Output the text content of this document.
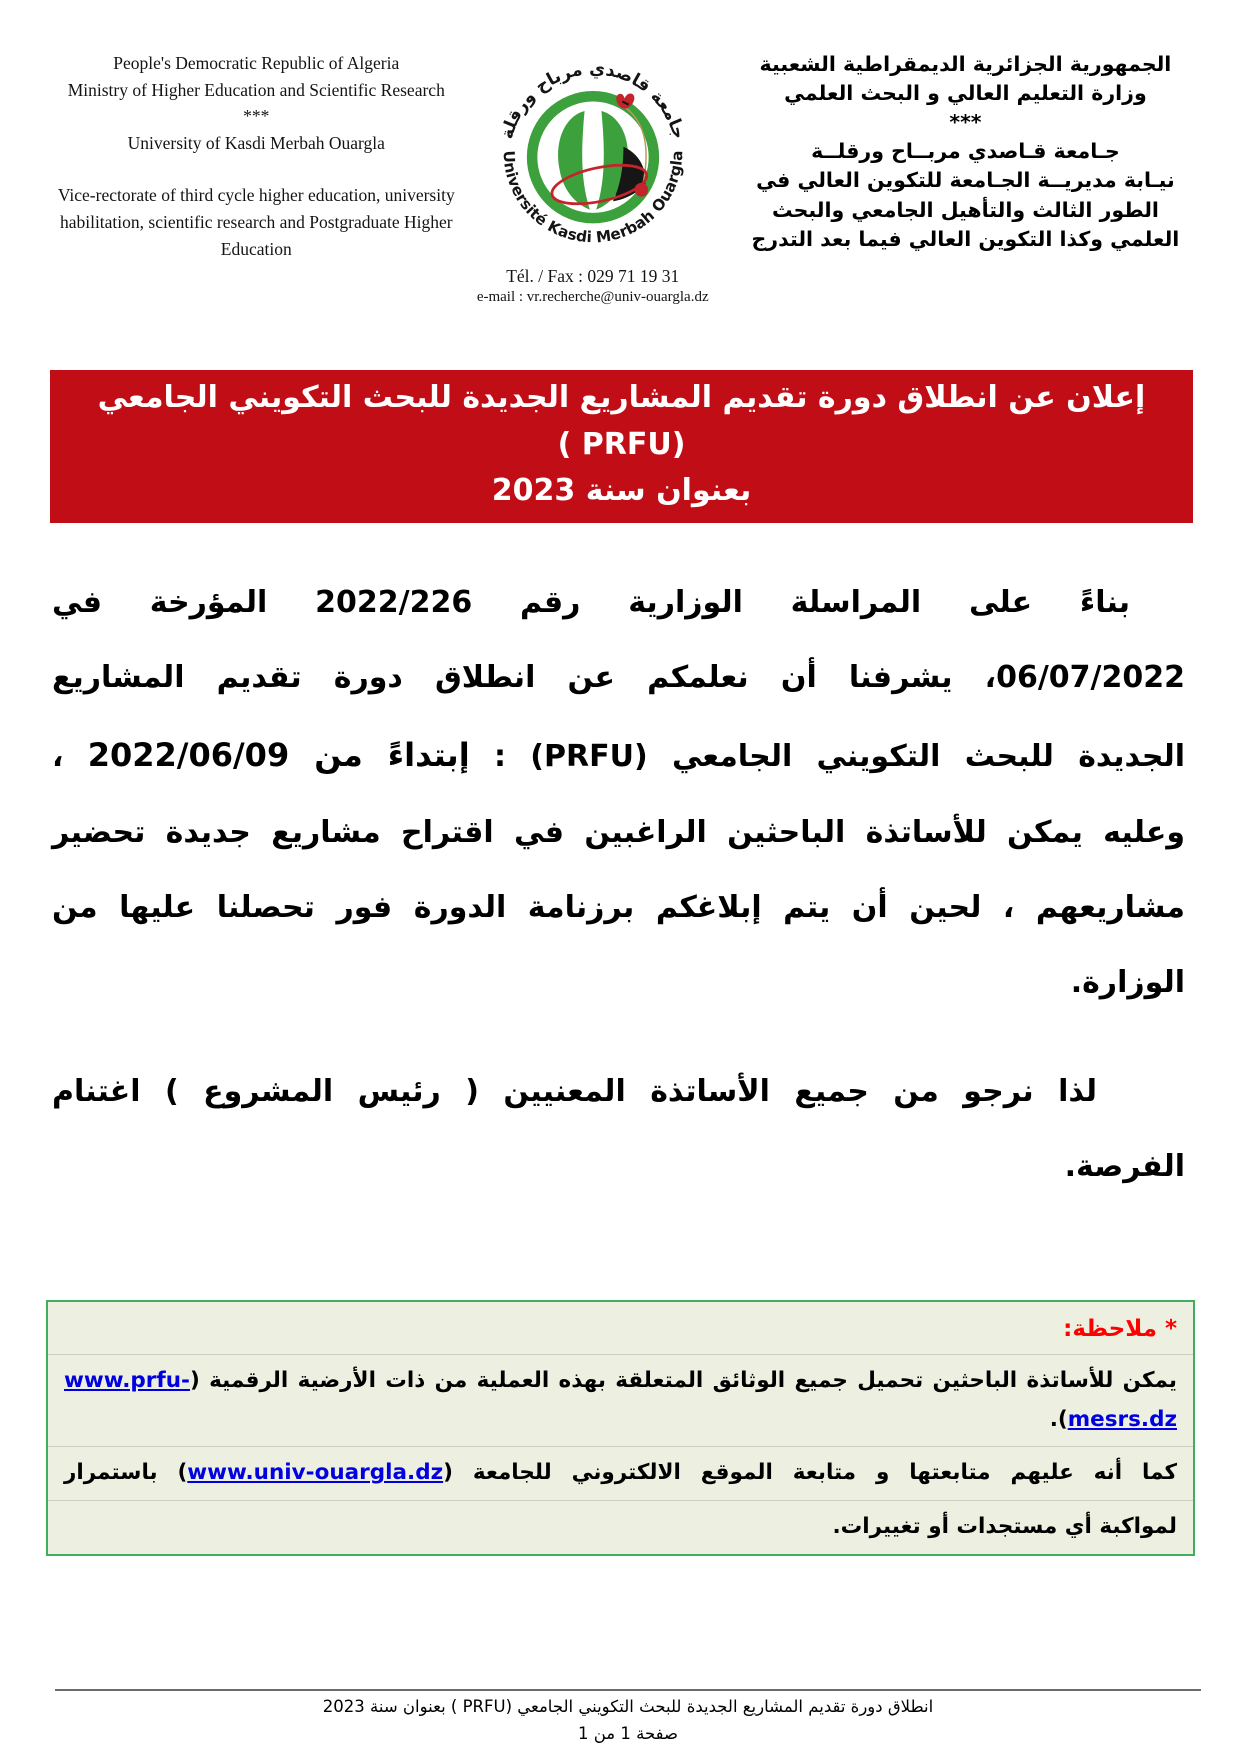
People's Democratic Republic of Algeria
Ministry of Higher Education and Scientific Research
***
University of Kasdi Merbah Ouargla
Vice-rectorate of third cycle higher education, university habilitation, scientific research and Postgraduate Higher Education
جامعة قاصدي مرباح ورقلة
Université Kasdi Merbah Ouargla
Tél. / Fax : 029 71 19 31
e-mail : vr.recherche@univ-ouargla.dz
الجمهورية الجزائرية الديمقراطية الشعبية
وزارة التعليم العالي و البحث العلمي
***
جـامعة قـاصدي مربــاح ورقلــة
نيـابة مديريــة الجـامعة للتكوين العالي في
الطور الثالث والتأهيل الجامعي والبحث
العلمي وكذا التكوين العالي فيما بعد التدرج
إعلان عن انطلاق دورة تقديم المشاريع الجديدة للبحث التكويني الجامعي (PRFU )
بعنوان سنة 2023

بناءً على المراسلة الوزارية رقم 2022/226 المؤرخة في 06/07/2022، يشرفنا أن نعلمكم عن انطلاق دورة تقديم المشاريع الجديدة للبحث التكويني الجامعي (PRFU) : إبتداءً من 2022/06/09 ، وعليه يمكن للأساتذة الباحثين الراغبين في اقتراح مشاريع جديدة تحضير مشاريعهم ، لحين أن يتم إبلاغكم برزنامة الدورة فور تحصلنا عليها من الوزارة.

لذا نرجو من جميع الأساتذة المعنيين ( رئيس المشروع ) اغتنام الفرصة.

* ملاحظة:
يمكن للأساتذة الباحثين تحميل جميع الوثائق المتعلقة بهذه العملية من ذات الأرضية الرقمية (www.prfu-mesrs.dz).
كما أنه عليهم متابعتها و متابعة الموقع الالكتروني للجامعة (www.univ-ouargla.dz) باستمرار
لمواكبة أي مستجدات أو تغييرات.
انطلاق دورة تقديم المشاريع الجديدة للبحث التكويني الجامعي (PRFU ) بعنوان سنة 2023
صفحة 1 من 1
